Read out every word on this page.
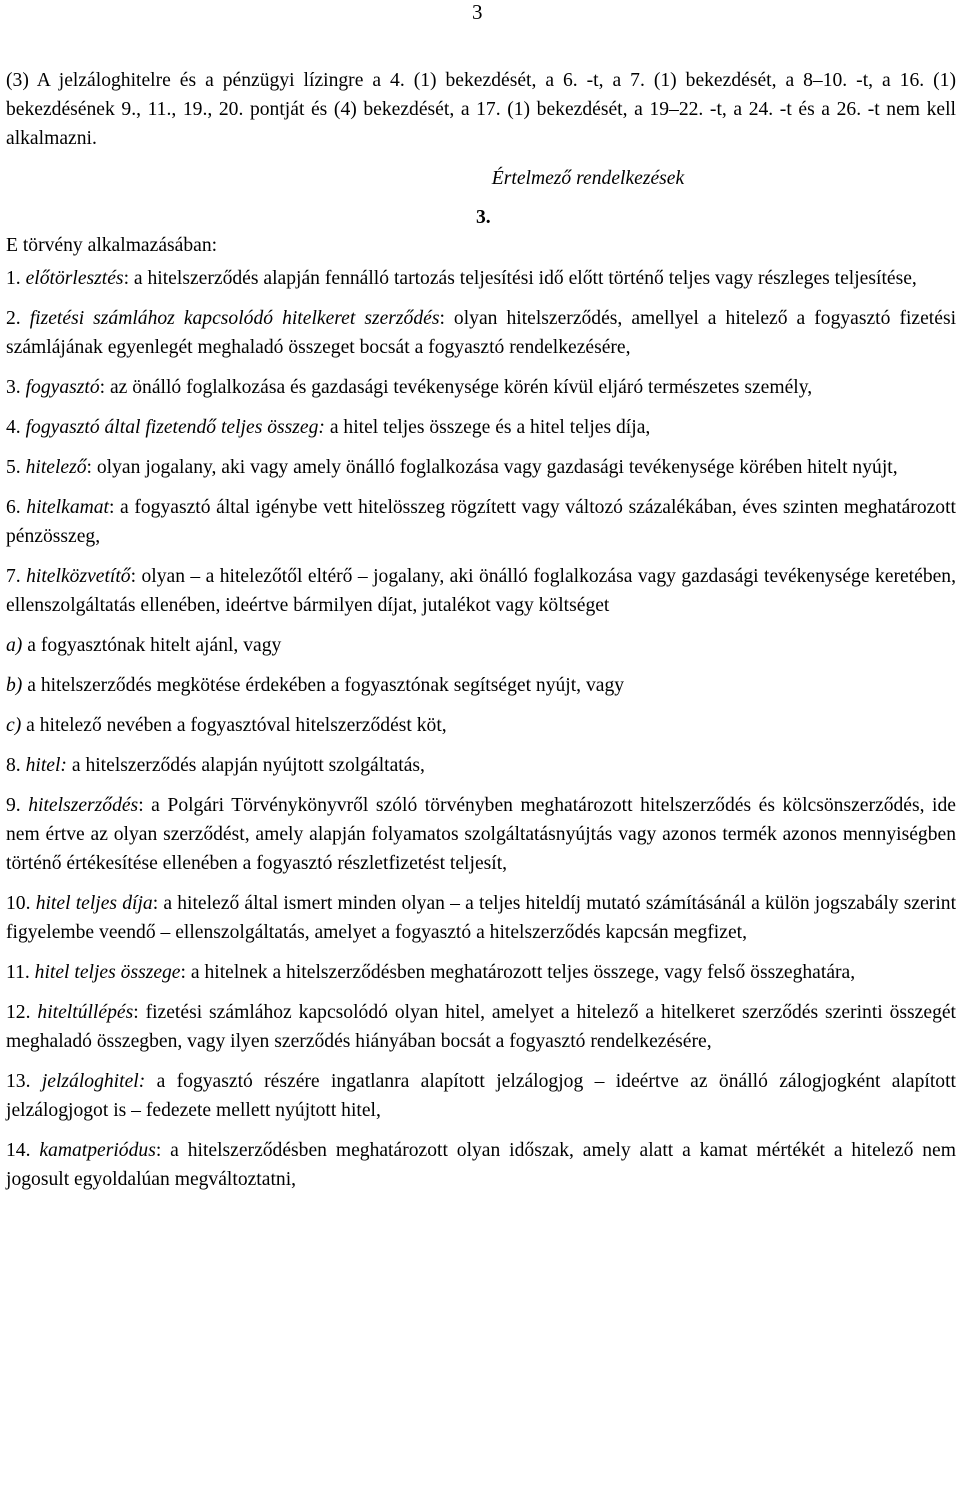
3

(3) A jelzáloghitelre és a pénzügyi lízingre a 4. (1) bekezdését, a 6. -t, a 7. (1) bekezdését, a 8–10. -t, a 16. (1) bekezdésének 9., 11., 19., 20. pontját és (4) bekezdését, a 17. (1) bekezdését, a 19–22. -t, a 24. -t és a 26. -t nem kell alkalmazni.

Értelmező rendelkezések
3.
E törvény alkalmazásában:

1. előtörlesztés: a hitelszerződés alapján fennálló tartozás teljesítési idő előtt történő teljes vagy részleges teljesítése,

2. fizetési számlához kapcsolódó hitelkeret szerződés: olyan hitelszerződés, amellyel a hitelező a fogyasztó fizetési számlájának egyenlegét meghaladó összeget bocsát a fogyasztó rendelkezésére,

3. fogyasztó: az önálló foglalkozása és gazdasági tevékenysége körén kívül eljáró természetes személy,

4. fogyasztó által fizetendő teljes összeg: a hitel teljes összege és a hitel teljes díja,

5. hitelező: olyan jogalany, aki vagy amely önálló foglalkozása vagy gazdasági tevékenysége körében hitelt nyújt,

6. hitelkamat: a fogyasztó által igénybe vett hitelösszeg rögzített vagy változó százalékában, éves szinten meghatározott pénzösszeg,

7. hitelközvetítő: olyan – a hitelezőtől eltérő – jogalany, aki önálló foglalkozása vagy gazdasági tevékenysége keretében, ellenszolgáltatás ellenében, ideértve bármilyen díjat, jutalékot vagy költséget

a) a fogyasztónak hitelt ajánl, vagy

b) a hitelszerződés megkötése érdekében a fogyasztónak segítséget nyújt, vagy

c) a hitelező nevében a fogyasztóval hitelszerződést köt,

8. hitel: a hitelszerződés alapján nyújtott szolgáltatás,

9. hitelszerződés: a Polgári Törvénykönyvről szóló törvényben meghatározott hitelszerződés és kölcsönszerződés, ide nem értve az olyan szerződést, amely alapján folyamatos szolgáltatásnyújtás vagy azonos termék azonos mennyiségben történő értékesítése ellenében a fogyasztó részletfizetést teljesít,

10. hitel teljes díja: a hitelező által ismert minden olyan – a teljes hiteldíj mutató számításánál a külön jogszabály szerint figyelembe veendő – ellenszolgáltatás, amelyet a fogyasztó a hitelszerződés kapcsán megfizet,

11. hitel teljes összege: a hitelnek a hitelszerződésben meghatározott teljes összege, vagy felső összeghatára,

12. hiteltúllépés: fizetési számlához kapcsolódó olyan hitel, amelyet a hitelező a hitelkeret szerződés szerinti összegét meghaladó összegben, vagy ilyen szerződés hiányában bocsát a fogyasztó rendelkezésére,

13. jelzáloghitel: a fogyasztó részére ingatlanra alapított jelzálogjog – ideértve az önálló zálogjogként alapított jelzálogjogot is – fedezete mellett nyújtott hitel,

14. kamatperiódus: a hitelszerződésben meghatározott olyan időszak, amely alatt a kamat mértékét a hitelező nem jogosult egyoldalúan megváltoztatni,
